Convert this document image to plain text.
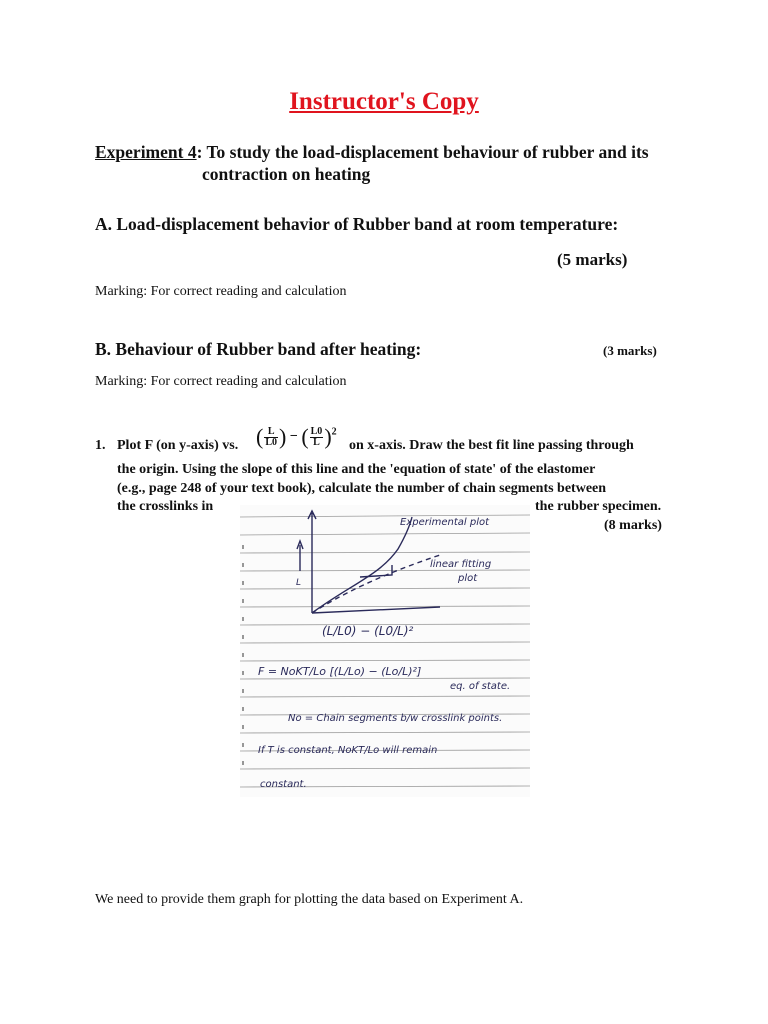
Instructor's Copy
Experiment 4: To study the load-displacement behaviour of rubber and its
contraction on heating
A. Load-displacement behavior of Rubber band at room temperature:
(5 marks)
Marking: For correct reading and calculation
B. Behaviour of Rubber band after heating:	(3 marks)
Marking: For correct reading and calculation
1. Plot F (on y-axis) vs. ( $\frac{L}{L0}$ ) − ( $\frac{L0}{L} )^2$
on x-axis. Draw the best fit line passing through
the origin. Using the slope of this line and the 'equation of state' of the elastomer
(e.g., page 248 of your text book), calculate the number of chain segments between
the crosslinks in	the rubber specimen.
(8 marks)
Experimental plot
linear fitting
plot
L
(L/L0) − (L0/L)²
F = NoKT/Lo [(L/Lo) − (Lo/L)²]
eq. of state.
No = Chain segments b/w crosslink points.
If T is constant, NoKT/Lo will remain
constant.
We need to provide them graph for plotting the data based on Experiment A.
